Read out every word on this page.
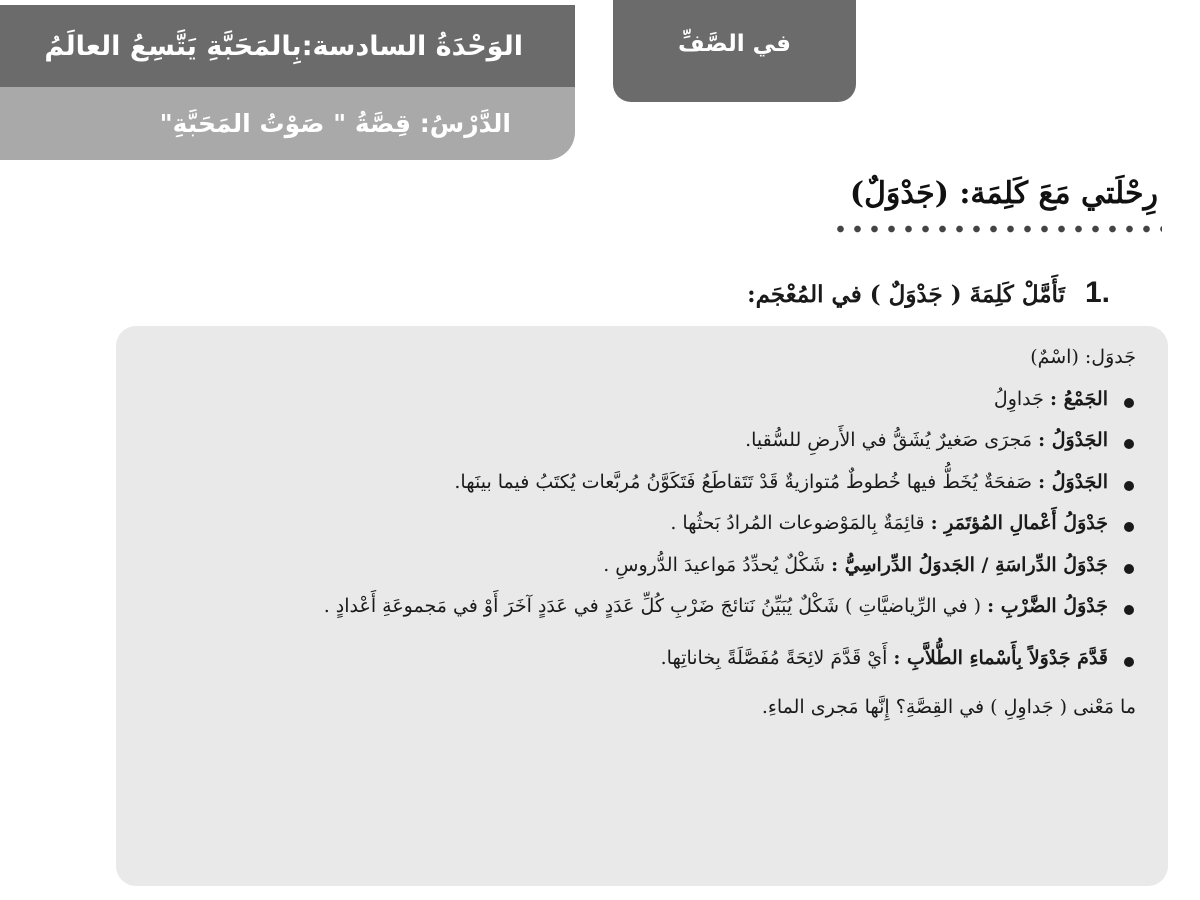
الوَحْدَةُ السادسة:بِالمَحَبَّةِ يَتَّسِعُ العالَمُ
الدَّرْسُ: قِصَّةُ " صَوْتُ المَحَبَّةِ"
في الصَّفِّ
رِحْلَتي مَعَ كَلِمَة: (جَدْوَلٌ)
1.
تَأَمَّلْ كَلِمَةَ ( جَدْوَلٌ ) في المُعْجَم:
جَدوَل: (اسْمٌ)
الجَمْعُ : جَداوِلُ
الجَدْوَلُ : مَجرَى صَغيرٌ يُشَقُّ في الأَرضِ للسُّقيا.
الجَدْوَلُ : صَفحَةٌ يُخَطُّ فيها خُطوطٌ مُتوازيةٌ قَدْ تَتَقاطَعُ فَتَكَوَّنُ مُربَّعات يُكتَبُ فيما بينَها.
جَدْوَلُ أَعْمالِ المُؤتَمَرِ : قائِمَةٌ بِالمَوْضوعات المُرادُ بَحثُها .
جَدْوَلُ الدِّراسَةِ / الجَدوَلُ الدِّراسِيُّ : شَكْلٌ يُحدِّدُ مَواعيدَ الدُّروسِ .
جَدْوَلُ الضَّرْبِ : ( في الرِّياضيَّاتِ ) شَكْلٌ يُبَيِّنُ نَتائجَ ضَرْبِ كُلِّ عَدَدٍ في عَدَدٍ آخَرَ أَوْ في مَجموعَةِ أَعْدادٍ .
قَدَّمَ جَدْوَلاً بِأَسْماءِ الطُّلاَّبِ : أَيْ قَدَّمَ لائِحَةً مُفَصَّلَةً بِخاناتِها.
ما مَعْنى ( جَداوِلِ ) في القِصَّةِ؟ إِنَّها مَجرى الماءِ.
